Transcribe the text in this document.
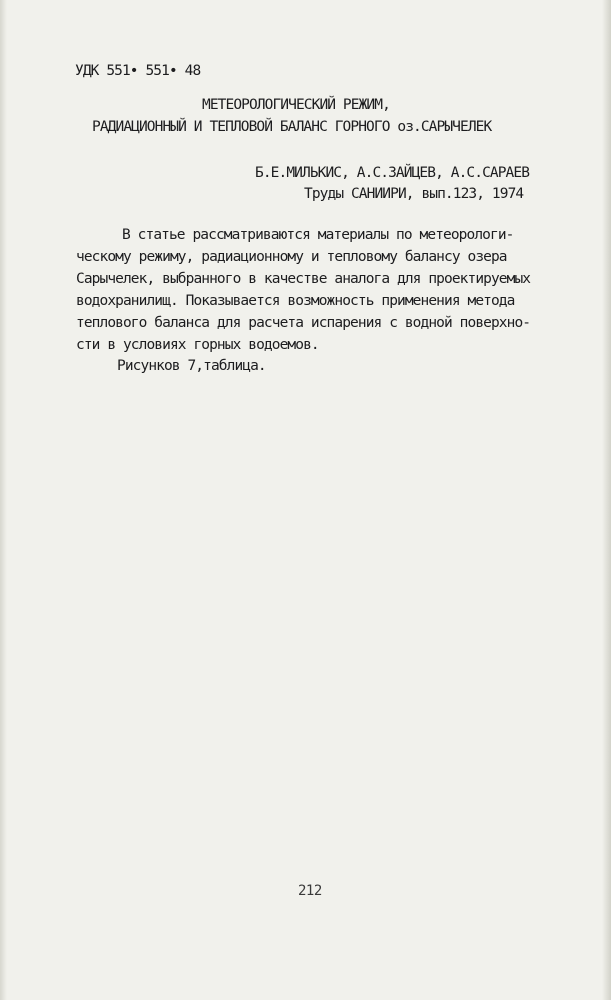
УДК 551• 551• 48
МЕТЕОРОЛОГИЧЕСКИЙ РЕЖИМ,
РАДИАЦИОННЫЙ И ТЕПЛОВОЙ БАЛАНС ГОРНОГО оз.САРЫЧЕЛЕК
Б.Е.МИЛЬКИС, А.С.ЗАЙЦЕВ, А.С.САРАЕВ
Труды САНИИРИ, вып.123, 1974
В статье рассматриваются материалы по метеорологи-
ческому режиму, радиационному и тепловому балансу озера
Сарычелек, выбранного в качестве аналога для проектируемых
водохранилищ. Показывается возможность применения метода
теплового баланса для расчета испарения с водной поверхно-
сти в условиях горных водоемов.
Рисунков 7,таблица.
212
